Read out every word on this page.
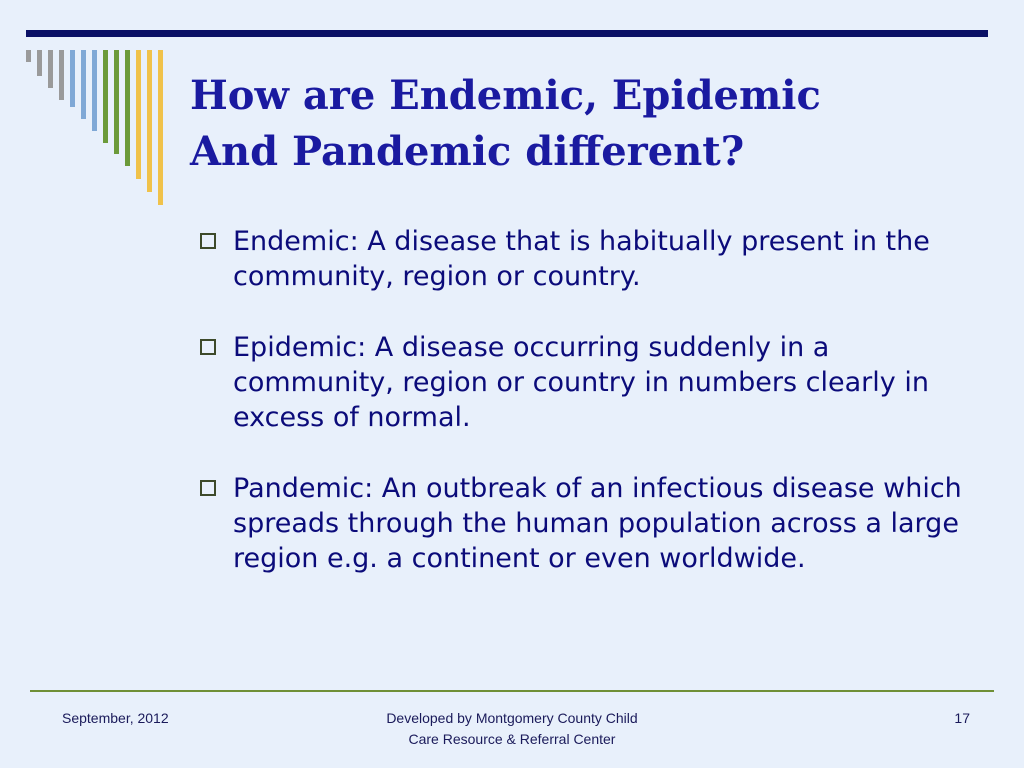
How are Endemic, Epidemic
And Pandemic different?
Endemic: A disease that is habitually present in the community, region or country.
Epidemic: A disease occurring suddenly in a community, region or country in numbers clearly in excess of normal.
Pandemic: An outbreak of an infectious disease which spreads through the human population across a large region e.g. a continent or even worldwide.
September, 2012	Developed by Montgomery County Child
Care Resource & Referral Center
17
